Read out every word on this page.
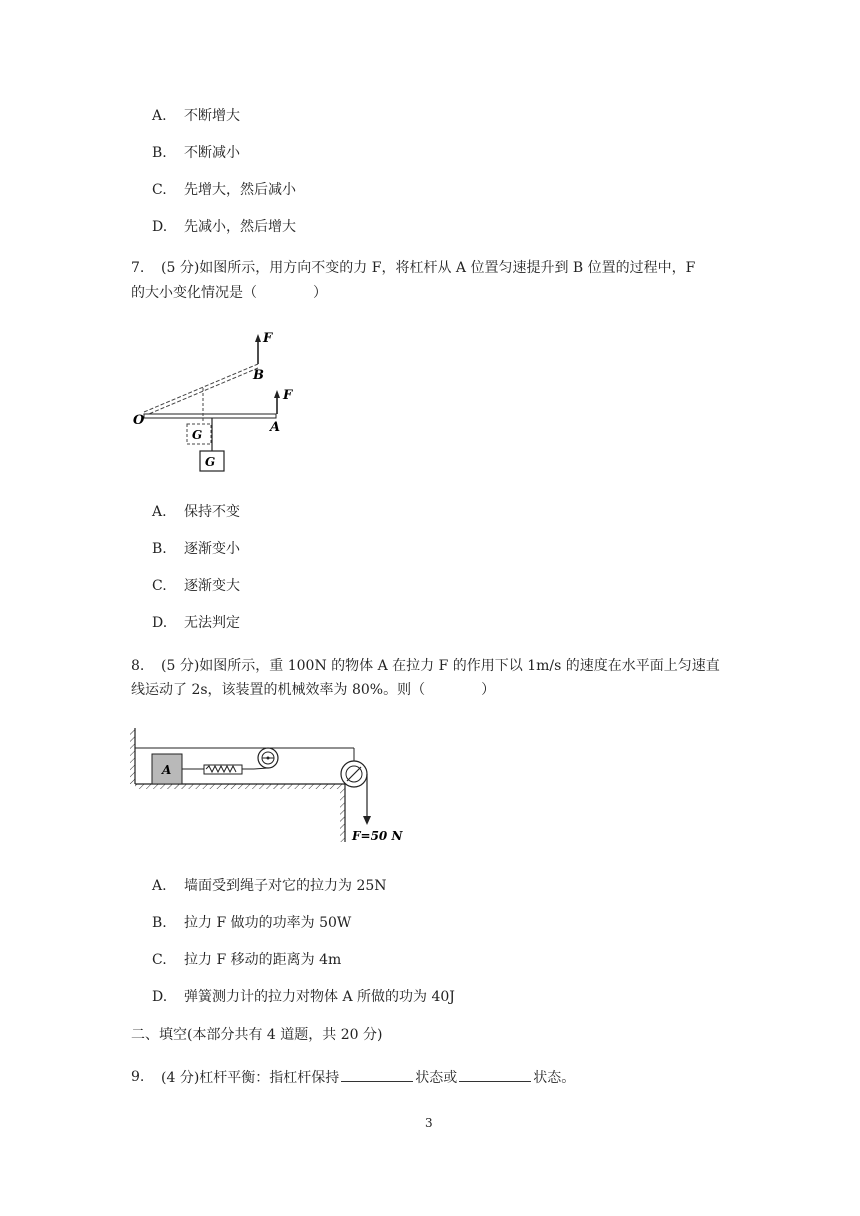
A. 不断增大
B. 不断减小
C. 先增大，然后减小
D. 先减小，然后增大
7. (5 分)如图所示，用方向不变的力 F，将杠杆从 A 位置匀速提升到 B 位置的过程中，F
的大小变化情况是（　　　　）
F
B
F
A
O
G
G
A. 保持不变
B. 逐渐变小
C. 逐渐变大
D. 无法判定
8. (5 分)如图所示，重 100N 的物体 A 在拉力 F 的作用下以 1m/s 的速度在水平面上匀速直
线运动了 2s，该装置的机械效率为 80%。则（　　　　）
A
F=50 N
A. 墙面受到绳子对它的拉力为 25N
B. 拉力 F 做功的功率为 50W
C. 拉力 F 移动的距离为 4m
D. 弹簧测力计的拉力对物体 A 所做的功为 40J
二、填空(本部分共有 4 道题，共 20 分)
9. (4 分)杠杆平衡：指杠杆保持	状态或	状态。
3
